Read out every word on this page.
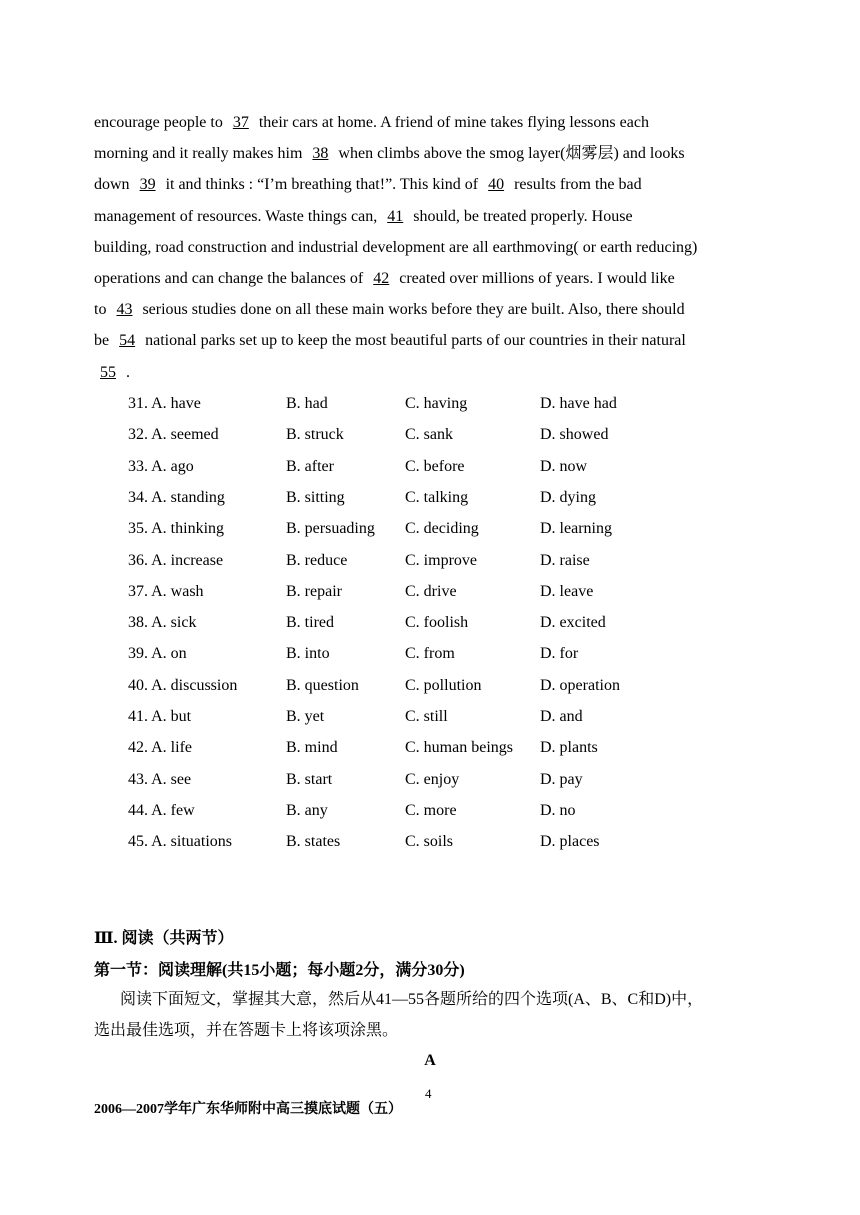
encourage people to 37 their cars at home. A friend of mine takes flying lessons each
morning and it really makes him 38 when climbs above the smog layer(烟雾层) and looks
down 39 it and thinks : “I’m breathing that!”. This kind of 40 results from the bad
management of resources. Waste things can, 41 should, be treated properly. House
building, road construction and industrial development are all earthmoving( or earth reducing)
operations and can change the balances of 42 created over millions of years. I would like
to 43 serious studies done on all these main works before they are built. Also, there should
be 54 national parks set up to keep the most beautiful parts of our countries in their natural
55 .
31. A. have	B. had	C. having	D. have had
32. A. seemed	B. struck	C. sank	D. showed
33. A. ago	B. after	C. before	D. now
34. A. standing	B. sitting	C. talking	D. dying
35. A. thinking	B. persuading C. deciding	D. learning
36. A. increase	B. reduce	C. improve	D. raise
37. A. wash	B. repair	C. drive	D. leave
38. A. sick	B. tired	C. foolish	D. excited
39. A. on	B. into	C. from	D. for
40. A. discussion	B. question	C. pollution	D. operation
41. A. but	B. yet	C. still	D. and
42. A. life	B. mind	C. human beings D. plants
43. A. see	B. start	C. enjoy	D. pay
44. A. few	B. any	C. more	D. no
45. A. situations	B. states	C. soils	D. places
Ⅲ. 阅读（共两节）
第一节：阅读理解(共15小题；每小题2分，满分30分)
阅读下面短文，掌握其大意，然后从41—55各题所给的四个选项(A、B、C和D)中，
选出最佳选项，并在答题卡上将该项涂黑。
A
2006—2007学年广东华师附中高三摸底试题（五）
4
